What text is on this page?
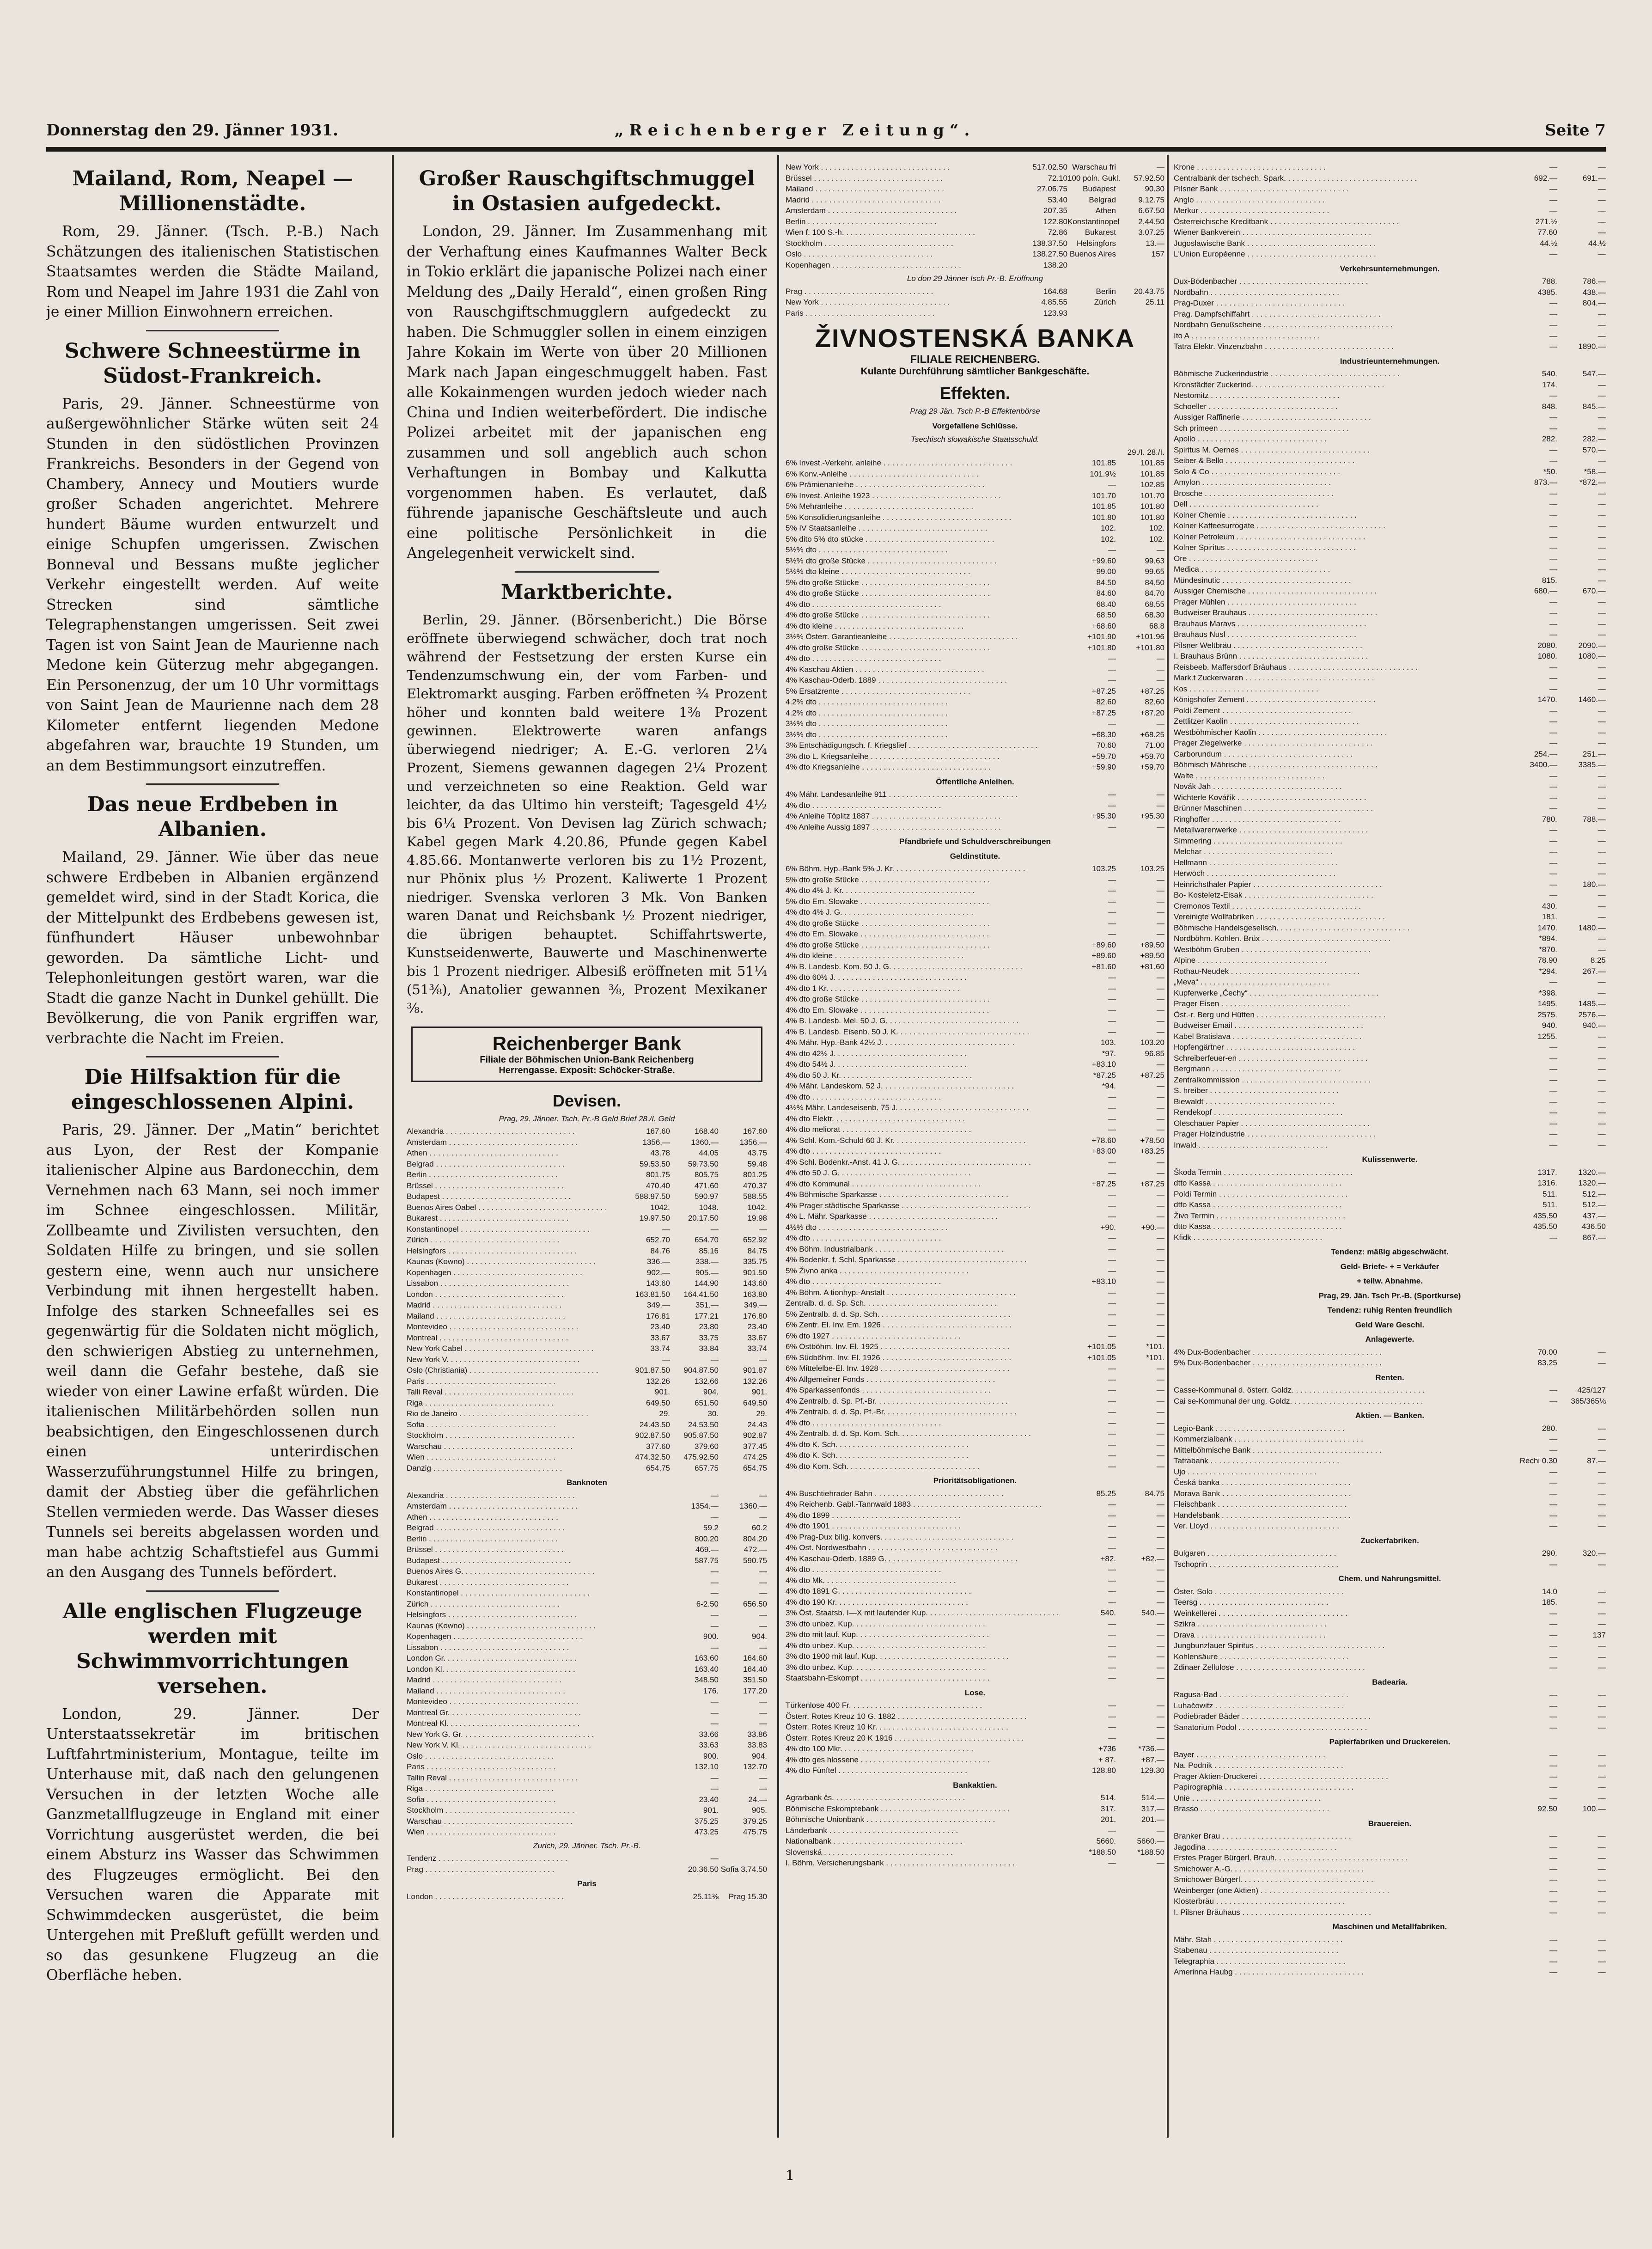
Donnerstag den 29. Jänner 1931.	„Reichenberger Zeitung“.	Seite 7
Mailand, Rom, Neapel — Millionenstädte.

Rom, 29. Jänner. (Tsch. P.-B.) Nach Schätzungen des italienischen Statistischen Staatsamtes werden die Städte Mailand, Rom und Neapel im Jahre 1931 die Zahl von je einer Million Einwohnern erreichen.

Schwere Schneestürme in Südost-Frankreich.

Paris, 29. Jänner. Schneestürme von außergewöhnlicher Stärke wüten seit 24 Stunden in den südöstlichen Provinzen Frankreichs. Besonders in der Gegend von Chambery, Annecy und Moutiers wurde großer Schaden angerichtet. Mehrere hundert Bäume wurden entwurzelt und einige Schupfen umgerissen. Zwischen Bonneval und Bessans mußte jeglicher Verkehr eingestellt werden. Auf weite Strecken sind sämtliche Telegraphenstangen umgerissen. Seit zwei Tagen ist von Saint Jean de Maurienne nach Medone kein Güterzug mehr abgegangen. Ein Personenzug, der um 10 Uhr vormittags von Saint Jean de Maurienne nach dem 28 Kilometer entfernt liegenden Medone abgefahren war, brauchte 19 Stunden, um an dem Bestimmungsort einzutreffen.

Das neue Erdbeben in Albanien.

Mailand, 29. Jänner. Wie über das neue schwere Erdbeben in Albanien ergänzend gemeldet wird, sind in der Stadt Korica, die der Mittelpunkt des Erdbebens gewesen ist, fünfhundert Häuser unbewohnbar geworden. Da sämtliche Licht- und Telephonleitungen gestört waren, war die Stadt die ganze Nacht in Dunkel gehüllt. Die Bevölkerung, die von Panik ergriffen war, verbrachte die Nacht im Freien.

Die Hilfsaktion für die eingeschlossenen Alpini.

Paris, 29. Jänner. Der „Matin“ berichtet aus Lyon, der Rest der Kompanie italienischer Alpine aus Bardonecchin, dem Vernehmen nach 63 Mann, sei noch immer im Schnee eingeschlossen. Militär, Zollbeamte und Zivilisten versuchten, den Soldaten Hilfe zu bringen, und sie sollen gestern eine, wenn auch nur unsichere Verbindung mit ihnen hergestellt haben. Infolge des starken Schneefalles sei es gegenwärtig für die Soldaten nicht möglich, den schwierigen Abstieg zu unternehmen, weil dann die Gefahr bestehe, daß sie wieder von einer Lawine erfaßt würden. Die italienischen Militärbehörden sollen nun beabsichtigen, den Eingeschlossenen durch einen unterirdischen Wasserzuführungstunnel Hilfe zu bringen, damit der Abstieg über die gefährlichen Stellen vermieden werde. Das Wasser dieses Tunnels sei bereits abgelassen worden und man habe achtzig Schaftstiefel aus Gummi an den Ausgang des Tunnels befördert.

Alle englischen Flugzeuge werden mit Schwimmvorrichtungen versehen.

London, 29. Jänner. Der Unterstaatssekretär im britischen Luftfahrtministerium, Montague, teilte im Unterhause mit, daß nach den gelungenen Versuchen in der letzten Woche alle Ganzmetallflugzeuge in England mit einer Vorrichtung ausgerüstet werden, die bei einem Absturz ins Wasser das Schwimmen des Flugzeuges ermöglicht. Bei den Versuchen waren die Apparate mit Schwimmdecken ausgerüstet, die beim Untergehen mit Preßluft gefüllt werden und so das gesunkene Flugzeug an die Oberfläche heben.

Großer Rauschgiftschmuggel in Ostasien aufgedeckt.

London, 29. Jänner. Im Zusammenhang mit der Verhaftung eines Kaufmannes Walter Beck in Tokio erklärt die japanische Polizei nach einer Meldung des „Daily Herald“, einen großen Ring von Rauschgiftschmugglern aufgedeckt zu haben. Die Schmuggler sollen in einem einzigen Jahre Kokain im Werte von über 20 Millionen Mark nach Japan eingeschmuggelt haben. Fast alle Kokainmengen wurden jedoch wieder nach China und Indien weiterbefördert. Die indische Polizei arbeitet mit der japanischen eng zusammen und soll angeblich auch schon Verhaftungen in Bombay und Kalkutta vorgenommen haben. Es verlautet, daß führende japanische Geschäftsleute und auch eine politische Persönlichkeit in die Angelegenheit verwickelt sind.

Marktberichte.

Berlin, 29. Jänner. (Börsenbericht.) Die Börse eröffnete überwiegend schwächer, doch trat noch während der Festsetzung der ersten Kurse ein Tendenzumschwung ein, der vom Farben- und Elektromarkt ausging. Farben eröffneten ¾ Prozent höher und konnten bald weitere 1⅜ Prozent gewinnen. Elektrowerte waren anfangs überwiegend niedriger; A. E.-G. verloren 2¼ Prozent, Siemens gewannen dagegen 2¼ Prozent und verzeichneten so eine Reaktion. Geld war leichter, da das Ultimo hin versteift; Tagesgeld 4½ bis 6¼ Prozent. Von Devisen lag Zürich schwach; Kabel gegen Mark 4.20.86, Pfunde gegen Kabel 4.85.66. Montanwerte verloren bis zu 1½ Prozent, nur Phönix plus ½ Prozent. Kaliwerte 1 Prozent niedriger. Svenska verloren 3 Mk. Von Banken waren Danat und Reichsbank ½ Prozent niedriger, die übrigen behauptet. Schiffahrtswerte, Kunstseidenwerte, Bauwerte und Maschinenwerte bis 1 Prozent niedriger. Albesiß eröffneten mit 51¼ (51⅜), Anatolier gewannen ⅜, Prozent Mexikaner ⅜.

Reichenberger Bank
Filiale der Böhmischen Union-Bank Reichenberg
Herrengasse. Exposit: Schöcker-Straße.
Devisen.
Prag, 29. Jänner. Tsch. Pr.-B Geld Brief 28./I. Geld
Alexandria . . . . . . . . . . . . . . . . . . . . . . . . . . . . . .	167.60	168.40	167.60
Amsterdam . . . . . . . . . . . . . . . . . . . . . . . . . . . . . .	1356.—	1360.—	1356.—
Athen . . . . . . . . . . . . . . . . . . . . . . . . . . . . . .	43.78	44.05	43.75
Belgrad . . . . . . . . . . . . . . . . . . . . . . . . . . . . . .	59.53.50	59.73.50	59.48
Berlin . . . . . . . . . . . . . . . . . . . . . . . . . . . . . .	801.75	805.75	801.25
Brüssel . . . . . . . . . . . . . . . . . . . . . . . . . . . . . .	470.40	471.60	470.37
Budapest . . . . . . . . . . . . . . . . . . . . . . . . . . . . . .	588.97.50	590.97	588.55
Buenos Aires Oabel . . . . . . . . . . . . . . . . . . . . . . . . . . . . . .	1042.	1048.	1042.
Bukarest . . . . . . . . . . . . . . . . . . . . . . . . . . . . . .	19.97.50	20.17.50	19.98
Konstantinopel . . . . . . . . . . . . . . . . . . . . . . . . . . . . . .	—	—	—
Zürich . . . . . . . . . . . . . . . . . . . . . . . . . . . . . .	652.70	654.70	652.92
Helsingfors . . . . . . . . . . . . . . . . . . . . . . . . . . . . . .	84.76	85.16	84.75
Kaunas (Kowno) . . . . . . . . . . . . . . . . . . . . . . . . . . . . . .	336.—	338.—	335.75
Kopenhagen . . . . . . . . . . . . . . . . . . . . . . . . . . . . . .	902.—	905.—	901.50
Lissabon . . . . . . . . . . . . . . . . . . . . . . . . . . . . . .	143.60	144.90	143.60
London . . . . . . . . . . . . . . . . . . . . . . . . . . . . . .	163.81.50	164.41.50	163.80
Madrid . . . . . . . . . . . . . . . . . . . . . . . . . . . . . .	349.—	351.—	349.—
Mailand . . . . . . . . . . . . . . . . . . . . . . . . . . . . . .	176.81	177.21	176.80
Montevideo . . . . . . . . . . . . . . . . . . . . . . . . . . . . . .	23.40	23.80	23.40
Montreal . . . . . . . . . . . . . . . . . . . . . . . . . . . . . .	33.67	33.75	33.67
New York Cabel . . . . . . . . . . . . . . . . . . . . . . . . . . . . . .	33.74	33.84	33.74
New York V. . . . . . . . . . . . . . . . . . . . . . . . . . . . . . .	—	—	—
Oslo (Christiania) . . . . . . . . . . . . . . . . . . . . . . . . . . . . . .	901.87.50	904.87.50	901.87
Paris . . . . . . . . . . . . . . . . . . . . . . . . . . . . . .	132.26	132.66	132.26
Talli Reval . . . . . . . . . . . . . . . . . . . . . . . . . . . . . .	901.	904.	901.
Riga . . . . . . . . . . . . . . . . . . . . . . . . . . . . . .	649.50	651.50	649.50
Rio de Janeiro . . . . . . . . . . . . . . . . . . . . . . . . . . . . . .	29.	30.	29.
Sofia . . . . . . . . . . . . . . . . . . . . . . . . . . . . . .	24.43.50	24.53.50	24.43
Stockholm . . . . . . . . . . . . . . . . . . . . . . . . . . . . . .	902.87.50	905.87.50	902.87
Warschau . . . . . . . . . . . . . . . . . . . . . . . . . . . . . .	377.60	379.60	377.45
Wien . . . . . . . . . . . . . . . . . . . . . . . . . . . . . .	474.32.50	475.92.50	474.25
Danzig . . . . . . . . . . . . . . . . . . . . . . . . . . . . . .	654.75	657.75	654.75
Banknoten
Alexandria . . . . . . . . . . . . . . . . . . . . . . . . . . . . . .	—	—
Amsterdam . . . . . . . . . . . . . . . . . . . . . . . . . . . . . .	1354.—	1360.—
Athen . . . . . . . . . . . . . . . . . . . . . . . . . . . . . .	—	—
Belgrad . . . . . . . . . . . . . . . . . . . . . . . . . . . . . .	59.2	60.2
Berlin . . . . . . . . . . . . . . . . . . . . . . . . . . . . . .	800.20	804.20
Brüssel . . . . . . . . . . . . . . . . . . . . . . . . . . . . . .	469.—	472.—
Budapest . . . . . . . . . . . . . . . . . . . . . . . . . . . . . .	587.75	590.75
Buenos Aires G. . . . . . . . . . . . . . . . . . . . . . . . . . . . . . .	—	—
Bukarest . . . . . . . . . . . . . . . . . . . . . . . . . . . . . .	—	—
Konstantinopel . . . . . . . . . . . . . . . . . . . . . . . . . . . . . .	—	—
Zürich . . . . . . . . . . . . . . . . . . . . . . . . . . . . . .	6-2.50	656.50
Helsingfors . . . . . . . . . . . . . . . . . . . . . . . . . . . . . .	—	—
Kaunas (Kowno) . . . . . . . . . . . . . . . . . . . . . . . . . . . . . .	—	—
Kopenhagen . . . . . . . . . . . . . . . . . . . . . . . . . . . . . .	900.	904.
Lissabon . . . . . . . . . . . . . . . . . . . . . . . . . . . . . .	—	—
London Gr. . . . . . . . . . . . . . . . . . . . . . . . . . . . . . .	163.60	164.60
London Kl. . . . . . . . . . . . . . . . . . . . . . . . . . . . . . .	163.40	164.40
Madrid . . . . . . . . . . . . . . . . . . . . . . . . . . . . . .	348.50	351.50
Mailand . . . . . . . . . . . . . . . . . . . . . . . . . . . . . .	176.	177.20
Montevideo . . . . . . . . . . . . . . . . . . . . . . . . . . . . . .	—	—
Montreal Gr. . . . . . . . . . . . . . . . . . . . . . . . . . . . . . .	—	—
Montreal Kl. . . . . . . . . . . . . . . . . . . . . . . . . . . . . . .	—	—
New York G. Gr. . . . . . . . . . . . . . . . . . . . . . . . . . . . . . .	33.66	33.86
New York V. Kl. . . . . . . . . . . . . . . . . . . . . . . . . . . . . . .	33.63	33.83
Oslo . . . . . . . . . . . . . . . . . . . . . . . . . . . . . .	900.	904.
Paris . . . . . . . . . . . . . . . . . . . . . . . . . . . . . .	132.10	132.70
Tallin Reval . . . . . . . . . . . . . . . . . . . . . . . . . . . . . .	—	—
Riga . . . . . . . . . . . . . . . . . . . . . . . . . . . . . .	—	—
Sofia . . . . . . . . . . . . . . . . . . . . . . . . . . . . . .	23.40	24.—
Stockholm . . . . . . . . . . . . . . . . . . . . . . . . . . . . . .	901.	905.
Warschau . . . . . . . . . . . . . . . . . . . . . . . . . . . . . .	375.25	379.25
Wien . . . . . . . . . . . . . . . . . . . . . . . . . . . . . .	473.25	475.75
Zurich, 29. Jänner. Tsch. Pr.-B.
Tendenz . . . . . . . . . . . . . . . . . . . . . . . . . . . . . .	—
Prag . . . . . . . . . . . . . . . . . . . . . . . . . . . . . .	20.36.50 Sofia 3.74.50
Paris
London . . . . . . . . . . . . . . . . . . . . . . . . . . . . . .	25.11⅜	Prag 15.30
New York . . . . . . . . . . . . . . . . . . . . . . . . . . . . . .	517.02.50 Warschau fri	—
Brüssel . . . . . . . . . . . . . . . . . . . . . . . . . . . . . .	72.10 100 poln. Gukl.	57.92.50
Mailand . . . . . . . . . . . . . . . . . . . . . . . . . . . . . .	27.06.75	Budapest	90.30
Madrid . . . . . . . . . . . . . . . . . . . . . . . . . . . . . .	53.40	Belgrad	9.12.75
Amsterdam . . . . . . . . . . . . . . . . . . . . . . . . . . . . . .	207.35	Athen	6.67.50
Berlin . . . . . . . . . . . . . . . . . . . . . . . . . . . . . .	122.80 Konstantinopel	2.44.50
Wien f. 100 S.-h. . . . . . . . . . . . . . . . . . . . . . . . . . . . . . .	72.86	Bukarest	3.07.25
Stockholm . . . . . . . . . . . . . . . . . . . . . . . . . . . . . .	138.37.50	Helsingfors	13.—
Oslo . . . . . . . . . . . . . . . . . . . . . . . . . . . . . .	138.27.50 Buenos Aires	157
Kopenhagen . . . . . . . . . . . . . . . . . . . . . . . . . . . . . .	138.20
Lo don 29 Jänner Isch Pr.-B. Eröffnung
Prag . . . . . . . . . . . . . . . . . . . . . . . . . . . . . .	164.68	Berlin	20.43.75
New York . . . . . . . . . . . . . . . . . . . . . . . . . . . . . .	4.85.55	Zürich	25.11
Paris . . . . . . . . . . . . . . . . . . . . . . . . . . . . . .	123.93
ŽIVNOSTENSKÁ BANKA
FILIALE REICHENBERG.
Kulante Durchführung sämtlicher Bankgeschäfte.
Effekten.
Prag 29 Jän. Tsch P.-B Effektenbörse
Vorgefallene Schlüsse.
Tsechisch slowakische Staatsschuld.
29./I. 28./I.
6% Invest.-Verkehr. anleihe . . . . . . . . . . . . . . . . . . . . . . . . . . . . . .	101.85	101.85
6% Konv.-Anleihe . . . . . . . . . . . . . . . . . . . . . . . . . . . . . .	101.9½	101.85
6% Prämienanleihe . . . . . . . . . . . . . . . . . . . . . . . . . . . . . .	—	102.85
6% Invest. Anleihe 1923 . . . . . . . . . . . . . . . . . . . . . . . . . . . . . .	101.70	101.70
5% Mehranleihe . . . . . . . . . . . . . . . . . . . . . . . . . . . . . .	101.85	101.80
5% Konsolidierungsanleihe . . . . . . . . . . . . . . . . . . . . . . . . . . . . . .	101.80	101.80
5% IV Staatsanleihe . . . . . . . . . . . . . . . . . . . . . . . . . . . . . .	102.	102.
5% dito 5% dto stücke . . . . . . . . . . . . . . . . . . . . . . . . . . . . . .	102.	102.
5½% dto . . . . . . . . . . . . . . . . . . . . . . . . . . . . . .	—	—
5½% dto große Stücke . . . . . . . . . . . . . . . . . . . . . . . . . . . . . .	+99.60	99.63
5½% dto kleine . . . . . . . . . . . . . . . . . . . . . . . . . . . . . .	99.00	99.65
5% dto große Stücke . . . . . . . . . . . . . . . . . . . . . . . . . . . . . .	84.50	84.50
4% dto große Stücke . . . . . . . . . . . . . . . . . . . . . . . . . . . . . .	84.60	84.70
4% dto . . . . . . . . . . . . . . . . . . . . . . . . . . . . . .	68.40	68.55
4% dto große Stücke . . . . . . . . . . . . . . . . . . . . . . . . . . . . . .	68.50	68.30
4% dto kleine . . . . . . . . . . . . . . . . . . . . . . . . . . . . . .	+68.60	68.8
3½% Österr. Garantieanleihe . . . . . . . . . . . . . . . . . . . . . . . . . . . . . .	+101.90	+101.96
4% dto große Stücke . . . . . . . . . . . . . . . . . . . . . . . . . . . . . .	+101.80	+101.80
4% dto . . . . . . . . . . . . . . . . . . . . . . . . . . . . . .	—	—
4% Kaschau Aktien . . . . . . . . . . . . . . . . . . . . . . . . . . . . . .	—	—
4% Kaschau-Oderb. 1889 . . . . . . . . . . . . . . . . . . . . . . . . . . . . . .	—	—
5% Ersatzrente . . . . . . . . . . . . . . . . . . . . . . . . . . . . . .	+87.25	+87.25
4.2% dto . . . . . . . . . . . . . . . . . . . . . . . . . . . . . .	82.60	82.60
4.2% dto . . . . . . . . . . . . . . . . . . . . . . . . . . . . . .	+87.25	+87.20
3½% dto . . . . . . . . . . . . . . . . . . . . . . . . . . . . . .	—	—
3½% dto . . . . . . . . . . . . . . . . . . . . . . . . . . . . . .	+68.30	+68.25
3% Entschädigungsch. f. Kriegslief . . . . . . . . . . . . . . . . . . . . . . . . . . . . . .	70.60	71.00
3% dto L. Kriegsanleihe . . . . . . . . . . . . . . . . . . . . . . . . . . . . . .	+59.70	+59.70
4% dto Kriegsanleihe . . . . . . . . . . . . . . . . . . . . . . . . . . . . . .	+59.90	+59.70
Öffentliche Anleihen.
4% Mähr. Landesanleihe 911 . . . . . . . . . . . . . . . . . . . . . . . . . . . . . .	—	—
4% dto . . . . . . . . . . . . . . . . . . . . . . . . . . . . . .	—	—
4% Anleihe Töplitz 1887 . . . . . . . . . . . . . . . . . . . . . . . . . . . . . .	+95.30	+95.30
4% Anleihe Aussig 1897 . . . . . . . . . . . . . . . . . . . . . . . . . . . . . .	—	—
Pfandbriefe und Schuldverschreibungen
Geldinstitute.
6% Böhm. Hyp.-Bank 5% J. Kr. . . . . . . . . . . . . . . . . . . . . . . . . . . . . . .	103.25	103.25
5% dto große Stücke . . . . . . . . . . . . . . . . . . . . . . . . . . . . . .	—	—
4% dto 4% J. Kr. . . . . . . . . . . . . . . . . . . . . . . . . . . . . . .	—	—
5% dto Em. Slowake . . . . . . . . . . . . . . . . . . . . . . . . . . . . . .	—	—
4% dto 4% J. G. . . . . . . . . . . . . . . . . . . . . . . . . . . . . . .	—	—
4% dto große Stücke . . . . . . . . . . . . . . . . . . . . . . . . . . . . . .	—	—
4% dto Em. Slowake . . . . . . . . . . . . . . . . . . . . . . . . . . . . . .	—	—
4% dto große Stücke . . . . . . . . . . . . . . . . . . . . . . . . . . . . . .	+89.60	+89.50
4% dto kleine . . . . . . . . . . . . . . . . . . . . . . . . . . . . . .	+89.60	+89.50
4% B. Landesb. Kom. 50 J. G. . . . . . . . . . . . . . . . . . . . . . . . . . . . . . .	+81.60	+81.60
4% dto 60½ J. . . . . . . . . . . . . . . . . . . . . . . . . . . . . . .	—	—
4% dto 1 Kr. . . . . . . . . . . . . . . . . . . . . . . . . . . . . . .	—	—
4% dto große Stücke . . . . . . . . . . . . . . . . . . . . . . . . . . . . . .	—	—
4% dto Em. Slowake . . . . . . . . . . . . . . . . . . . . . . . . . . . . . .	—	—
4% B. Landesb. Mel. 50 J. G. . . . . . . . . . . . . . . . . . . . . . . . . . . . . . .	—	—
4% B. Landesb. Eisenb. 50 J. K. . . . . . . . . . . . . . . . . . . . . . . . . . . . . . .	—	—
4% Mähr. Hyp.-Bank 42½ J. . . . . . . . . . . . . . . . . . . . . . . . . . . . . . .	103.	103.20
4% dto 42½ J. . . . . . . . . . . . . . . . . . . . . . . . . . . . . . .	*97.	96.85
4% dto 54½ J. . . . . . . . . . . . . . . . . . . . . . . . . . . . . . .	+83.10	—
4% dto 50 J. Kr. . . . . . . . . . . . . . . . . . . . . . . . . . . . . . .	*87.25	+87.25
4% Mähr. Landeskom. 52 J. . . . . . . . . . . . . . . . . . . . . . . . . . . . . . .	*94.	—
4% dto . . . . . . . . . . . . . . . . . . . . . . . . . . . . . .	—	—
4½% Mähr. Landeseisenb. 75 J. . . . . . . . . . . . . . . . . . . . . . . . . . . . . . .	—	—
4% dto Elektr. . . . . . . . . . . . . . . . . . . . . . . . . . . . . . .	—	—
4% dto meliorat . . . . . . . . . . . . . . . . . . . . . . . . . . . . . .	—	—
4% Schl. Kom.-Schuld 60 J. Kr. . . . . . . . . . . . . . . . . . . . . . . . . . . . . . .	+78.60	+78.50
4% dto . . . . . . . . . . . . . . . . . . . . . . . . . . . . . .	+83.00	+83.25
4% Schl. Bodenkr.-Anst. 41 J. G. . . . . . . . . . . . . . . . . . . . . . . . . . . . . . .	—	—
4% dto 50 J. G. . . . . . . . . . . . . . . . . . . . . . . . . . . . . . .	—	—
4% dto Kommunal . . . . . . . . . . . . . . . . . . . . . . . . . . . . . .	+87.25	+87.25
4% Böhmische Sparkasse . . . . . . . . . . . . . . . . . . . . . . . . . . . . . .	—	—
4% Prager städtische Sparkasse . . . . . . . . . . . . . . . . . . . . . . . . . . . . . .	—	—
4% L. Mähr. Sparkasse . . . . . . . . . . . . . . . . . . . . . . . . . . . . . .	—	—
4½% dto . . . . . . . . . . . . . . . . . . . . . . . . . . . . . .	+90.	+90.—
4% dto . . . . . . . . . . . . . . . . . . . . . . . . . . . . . .	—	—
4% Böhm. Industrialbank . . . . . . . . . . . . . . . . . . . . . . . . . . . . . .	—	—
4% Bodenkr. f. Schl. Sparkasse . . . . . . . . . . . . . . . . . . . . . . . . . . . . . .	—	—
5% Živno anka . . . . . . . . . . . . . . . . . . . . . . . . . . . . . .	—	—
4% dto . . . . . . . . . . . . . . . . . . . . . . . . . . . . . .	+83.10	—
4% Böhm. A tionhyp.-Anstalt . . . . . . . . . . . . . . . . . . . . . . . . . . . . . .	—	—
Zentralb. d. d. Sp. Sch. . . . . . . . . . . . . . . . . . . . . . . . . . . . . . .	—	—
5% Zentralb. d. d. Sp. Sch. . . . . . . . . . . . . . . . . . . . . . . . . . . . . . .	—	—
6% Zentr. El. Inv. Em. 1926 . . . . . . . . . . . . . . . . . . . . . . . . . . . . . .	—	—
6% dto 1927 . . . . . . . . . . . . . . . . . . . . . . . . . . . . . .	—	—
6% Ostböhm. Inv. El. 1925 . . . . . . . . . . . . . . . . . . . . . . . . . . . . . .	+101.05	*101.
6% Südböhm. Inv. El. 1926 . . . . . . . . . . . . . . . . . . . . . . . . . . . . . .	+101.05	*101.
6% Mittelelbe-El. Inv. 1928 . . . . . . . . . . . . . . . . . . . . . . . . . . . . . .	—	—
4% Allgemeiner Fonds . . . . . . . . . . . . . . . . . . . . . . . . . . . . . .	—	—
4% Sparkassenfonds . . . . . . . . . . . . . . . . . . . . . . . . . . . . . .	—	—
4% Zentralb. d. Sp. Pf.-Br. . . . . . . . . . . . . . . . . . . . . . . . . . . . . . .	—	—
4% Zentralb. d. d. Sp. Pf.-Br. . . . . . . . . . . . . . . . . . . . . . . . . . . . . . .	—	—
4% dto . . . . . . . . . . . . . . . . . . . . . . . . . . . . . .	—	—
4% Zentralb. d. d. Sp. Kom. Sch. . . . . . . . . . . . . . . . . . . . . . . . . . . . . . .	—	—
4% dto K. Sch. . . . . . . . . . . . . . . . . . . . . . . . . . . . . . .	—	—
4% dto K. Sch. . . . . . . . . . . . . . . . . . . . . . . . . . . . . . .	—	—
4% dto Kom. Sch. . . . . . . . . . . . . . . . . . . . . . . . . . . . . . .	—	—
Prioritätsobligationen.
4% Buschtiehrader Bahn . . . . . . . . . . . . . . . . . . . . . . . . . . . . . .	85.25	84.75
4% Reichenb. Gabl.-Tannwald 1883 . . . . . . . . . . . . . . . . . . . . . . . . . . . . . .	—	—
4% dto 1899 . . . . . . . . . . . . . . . . . . . . . . . . . . . . . .	—	—
4% dto 1901 . . . . . . . . . . . . . . . . . . . . . . . . . . . . . .	—	—
4% Prag-Dux bilig. konvers. . . . . . . . . . . . . . . . . . . . . . . . . . . . . . .	—	—
4% Ost. Nordwestbahn . . . . . . . . . . . . . . . . . . . . . . . . . . . . . .	—	—
4% Kaschau-Oderb. 1889 G. . . . . . . . . . . . . . . . . . . . . . . . . . . . . . .	+82.	+82.—
4% dto . . . . . . . . . . . . . . . . . . . . . . . . . . . . . .	—	—
4% dto Mk. . . . . . . . . . . . . . . . . . . . . . . . . . . . . . .	—	—
4% dto 1891 G. . . . . . . . . . . . . . . . . . . . . . . . . . . . . . .	—	—
4% dto 190 Kr. . . . . . . . . . . . . . . . . . . . . . . . . . . . . . .	—	—
3% Öst. Staatsb. I—X mit laufender Kup. . . . . . . . . . . . . . . . . . . . . . . . . . . . . . .	540.	540.—
3% dto unbez. Kup. . . . . . . . . . . . . . . . . . . . . . . . . . . . . . .	—	—
3% dto mit lauf. Kup. . . . . . . . . . . . . . . . . . . . . . . . . . . . . . .	—	—
4% dto unbez. Kup. . . . . . . . . . . . . . . . . . . . . . . . . . . . . . .	—	—
3% dto 1900 mit lauf. Kup. . . . . . . . . . . . . . . . . . . . . . . . . . . . . . .	—	—
3% dto unbez. Kup. . . . . . . . . . . . . . . . . . . . . . . . . . . . . . .	—	—
Staatsbahn-Eskompt . . . . . . . . . . . . . . . . . . . . . . . . . . . . . .	—	—
Lose.
Türkenlose 400 Fr. . . . . . . . . . . . . . . . . . . . . . . . . . . . . . .	—	—
Österr. Rotes Kreuz 10 G. 1882 . . . . . . . . . . . . . . . . . . . . . . . . . . . . . .	—	—
Österr. Rotes Kreuz 10 Kr. . . . . . . . . . . . . . . . . . . . . . . . . . . . . . .	—	—
Österr. Rotes Kreuz 20 K 1916 . . . . . . . . . . . . . . . . . . . . . . . . . . . . . .	—	—
4% dto 100 Mkr. . . . . . . . . . . . . . . . . . . . . . . . . . . . . . .	+736	*736.—
4% dto ges hlossene . . . . . . . . . . . . . . . . . . . . . . . . . . . . . .	+ 87.	+87.—
4% dto Fünftel . . . . . . . . . . . . . . . . . . . . . . . . . . . . . .	128.80	129.30
Bankaktien.
Agrarbank čs. . . . . . . . . . . . . . . . . . . . . . . . . . . . . . .	514.	514.—
Böhmische Eskomptebank . . . . . . . . . . . . . . . . . . . . . . . . . . . . . .	317.	317.—
Böhmische Unionbank . . . . . . . . . . . . . . . . . . . . . . . . . . . . . .	201.	201.—
Länderbank . . . . . . . . . . . . . . . . . . . . . . . . . . . . . .	—	—
Nationalbank . . . . . . . . . . . . . . . . . . . . . . . . . . . . . .	5660.	5660.—
Slovenská . . . . . . . . . . . . . . . . . . . . . . . . . . . . . .	*188.50	*188.50
I. Böhm. Versicherungsbank . . . . . . . . . . . . . . . . . . . . . . . . . . . . . .	—	—
Krone . . . . . . . . . . . . . . . . . . . . . . . . . . . . . .	—	—
Centralbank der tschech. Spark. . . . . . . . . . . . . . . . . . . . . . . . . . . . . . .	692.—	691.—
Pilsner Bank . . . . . . . . . . . . . . . . . . . . . . . . . . . . . .	—	—
Anglo . . . . . . . . . . . . . . . . . . . . . . . . . . . . . .	—	—
Merkur . . . . . . . . . . . . . . . . . . . . . . . . . . . . . .	—	—
Österreichische Kreditbank . . . . . . . . . . . . . . . . . . . . . . . . . . . . . .	271.½	—
Wiener Bankverein . . . . . . . . . . . . . . . . . . . . . . . . . . . . . .	77.60	—
Jugoslawische Bank . . . . . . . . . . . . . . . . . . . . . . . . . . . . . .	44.½	44.½
L'Union Européenne . . . . . . . . . . . . . . . . . . . . . . . . . . . . . .	—	—
Verkehrsunternehmungen.
Dux-Bodenbacher . . . . . . . . . . . . . . . . . . . . . . . . . . . . . .	788.	786.—
Nordbahn . . . . . . . . . . . . . . . . . . . . . . . . . . . . . .	4385.	438.—
Prag-Duxer . . . . . . . . . . . . . . . . . . . . . . . . . . . . . .	—	804.—
Prag. Dampfschiffahrt . . . . . . . . . . . . . . . . . . . . . . . . . . . . . .	—	—
Nordbahn Genußscheine . . . . . . . . . . . . . . . . . . . . . . . . . . . . . .	—	—
Ito A . . . . . . . . . . . . . . . . . . . . . . . . . . . . . .	—	—
Tatra Elektr. Vinzenzbahn . . . . . . . . . . . . . . . . . . . . . . . . . . . . . .	—	1890.—
Industrieunternehmungen.
Böhmische Zuckerindustrie . . . . . . . . . . . . . . . . . . . . . . . . . . . . . .	540.	547.—
Kronstädter Zuckerind. . . . . . . . . . . . . . . . . . . . . . . . . . . . . . .	174.	—
Nestomitz . . . . . . . . . . . . . . . . . . . . . . . . . . . . . .	—	—
Schoeller . . . . . . . . . . . . . . . . . . . . . . . . . . . . . .	848.	845.—
Aussiger Raffinerie . . . . . . . . . . . . . . . . . . . . . . . . . . . . . .	—	—
Sch primeen . . . . . . . . . . . . . . . . . . . . . . . . . . . . . .	—	—
Apollo . . . . . . . . . . . . . . . . . . . . . . . . . . . . . .	282.	282.—
Spiritus M. Oernes . . . . . . . . . . . . . . . . . . . . . . . . . . . . . .	—	570.—
Seiber & Bello . . . . . . . . . . . . . . . . . . . . . . . . . . . . . .	—	—
Solo & Co . . . . . . . . . . . . . . . . . . . . . . . . . . . . . .	*50.	*58.—
Amylon . . . . . . . . . . . . . . . . . . . . . . . . . . . . . .	873.—	*872.—
Brosche . . . . . . . . . . . . . . . . . . . . . . . . . . . . . .	—	—
Dell . . . . . . . . . . . . . . . . . . . . . . . . . . . . . .	—	—
Kolner Chemie . . . . . . . . . . . . . . . . . . . . . . . . . . . . . .	—	—
Kolner Kaffeesurrogate . . . . . . . . . . . . . . . . . . . . . . . . . . . . . .	—	—
Kolner Petroleum . . . . . . . . . . . . . . . . . . . . . . . . . . . . . .	—	—
Kolner Spiritus . . . . . . . . . . . . . . . . . . . . . . . . . . . . . .	—	—
Ore . . . . . . . . . . . . . . . . . . . . . . . . . . . . . .	—	—
Medica . . . . . . . . . . . . . . . . . . . . . . . . . . . . . .	—	—
Mündesinutic . . . . . . . . . . . . . . . . . . . . . . . . . . . . . .	815.	—
Aussiger Chemische . . . . . . . . . . . . . . . . . . . . . . . . . . . . . .	680.—	670.—
Prager Mühlen . . . . . . . . . . . . . . . . . . . . . . . . . . . . . .	—	—
Budweiser Brauhaus . . . . . . . . . . . . . . . . . . . . . . . . . . . . . .	—	—
Brauhaus Maravs . . . . . . . . . . . . . . . . . . . . . . . . . . . . . .	—	—
Brauhaus Nusl . . . . . . . . . . . . . . . . . . . . . . . . . . . . . .	—	—
Pilsner Weltbräu . . . . . . . . . . . . . . . . . . . . . . . . . . . . . .	2080.	2090.—
I. Brauhaus Brünn . . . . . . . . . . . . . . . . . . . . . . . . . . . . . .	1080.	1080.—
Reisbeeb. Maffersdorf Bräuhaus . . . . . . . . . . . . . . . . . . . . . . . . . . . . . .	—	—
Mark.t Zuckerwaren . . . . . . . . . . . . . . . . . . . . . . . . . . . . . .	—	—
Kos . . . . . . . . . . . . . . . . . . . . . . . . . . . . . .	—	—
Königshofer Zement . . . . . . . . . . . . . . . . . . . . . . . . . . . . . .	1470.	1460.—
Poldi Zement . . . . . . . . . . . . . . . . . . . . . . . . . . . . . .	—	—
Zettlitzer Kaolin . . . . . . . . . . . . . . . . . . . . . . . . . . . . . .	—	—
Westböhmischer Kaolin . . . . . . . . . . . . . . . . . . . . . . . . . . . . . .	—	—
Prager Ziegelwerke . . . . . . . . . . . . . . . . . . . . . . . . . . . . . .	—	—
Carborundum . . . . . . . . . . . . . . . . . . . . . . . . . . . . . .	254.—	251.—
Böhmisch Mährische . . . . . . . . . . . . . . . . . . . . . . . . . . . . . .	3400.—	3385.—
Walte . . . . . . . . . . . . . . . . . . . . . . . . . . . . . .	—	—
Novák Jah . . . . . . . . . . . . . . . . . . . . . . . . . . . . . .	—	—
Wichterle Kovářík . . . . . . . . . . . . . . . . . . . . . . . . . . . . . .	—	—
Brünner Maschinen . . . . . . . . . . . . . . . . . . . . . . . . . . . . . .	—	—
Ringhoffer . . . . . . . . . . . . . . . . . . . . . . . . . . . . . .	780.	788.—
Metallwarenwerke . . . . . . . . . . . . . . . . . . . . . . . . . . . . . .	—	—
Simmering . . . . . . . . . . . . . . . . . . . . . . . . . . . . . .	—	—
Melchar . . . . . . . . . . . . . . . . . . . . . . . . . . . . . .	—	—
Hellmann . . . . . . . . . . . . . . . . . . . . . . . . . . . . . .	—	—
Herwoch . . . . . . . . . . . . . . . . . . . . . . . . . . . . . .	—	—
Heinrichsthaler Papier . . . . . . . . . . . . . . . . . . . . . . . . . . . . . .	—	180.—
Bo- Kosteletz-Eisak . . . . . . . . . . . . . . . . . . . . . . . . . . . . . .	—	—
Cremonos Textil . . . . . . . . . . . . . . . . . . . . . . . . . . . . . .	430.	—
Vereinigte Wollfabriken . . . . . . . . . . . . . . . . . . . . . . . . . . . . . .	181.	—
Böhmische Handelsgesellsch. . . . . . . . . . . . . . . . . . . . . . . . . . . . . . .	1470.	1480.—
Nordböhm. Kohlen. Brüx . . . . . . . . . . . . . . . . . . . . . . . . . . . . . .	*894.	—
Westböhm Gruben . . . . . . . . . . . . . . . . . . . . . . . . . . . . . .	*870.	—
Alpine . . . . . . . . . . . . . . . . . . . . . . . . . . . . . .	78.90	8.25
Rothau-Neudek . . . . . . . . . . . . . . . . . . . . . . . . . . . . . .	*294.	267.—
„Meva“ . . . . . . . . . . . . . . . . . . . . . . . . . . . . . .	—	—
Kupferwerke „Čechy“ . . . . . . . . . . . . . . . . . . . . . . . . . . . . . .	*398.	—
Prager Eisen . . . . . . . . . . . . . . . . . . . . . . . . . . . . . .	1495.	1485.—
Öst.-r. Berg und Hütten . . . . . . . . . . . . . . . . . . . . . . . . . . . . . .	2575.	2576.—
Budweiser Email . . . . . . . . . . . . . . . . . . . . . . . . . . . . . .	940.	940.—
Kabel Bratislava . . . . . . . . . . . . . . . . . . . . . . . . . . . . . .	1255.	—
Hopfengärtner . . . . . . . . . . . . . . . . . . . . . . . . . . . . . .	—	—
Schreiberfeuer-en . . . . . . . . . . . . . . . . . . . . . . . . . . . . . .	—	—
Bergmann . . . . . . . . . . . . . . . . . . . . . . . . . . . . . .	—	—
Zentralkommission . . . . . . . . . . . . . . . . . . . . . . . . . . . . . .	—	—
S. hreiber . . . . . . . . . . . . . . . . . . . . . . . . . . . . . .	—	—
Biewaldt . . . . . . . . . . . . . . . . . . . . . . . . . . . . . .	—	—
Rendekopf . . . . . . . . . . . . . . . . . . . . . . . . . . . . . .	—	—
Oleschauer Papier . . . . . . . . . . . . . . . . . . . . . . . . . . . . . .	—	—
Prager Holzindustrie . . . . . . . . . . . . . . . . . . . . . . . . . . . . . .	—	—
Inwald . . . . . . . . . . . . . . . . . . . . . . . . . . . . . .	—	—
Kulissenwerte.
Škoda Termin . . . . . . . . . . . . . . . . . . . . . . . . . . . . . .	1317.	1320.—
dtto Kassa . . . . . . . . . . . . . . . . . . . . . . . . . . . . . .	1316.	1320.—
Poldi Termin . . . . . . . . . . . . . . . . . . . . . . . . . . . . . .	511.	512.—
dtto Kassa . . . . . . . . . . . . . . . . . . . . . . . . . . . . . .	511.	512.—
Živo Termin . . . . . . . . . . . . . . . . . . . . . . . . . . . . . .	435.50	437.—
dtto Kassa . . . . . . . . . . . . . . . . . . . . . . . . . . . . . .	435.50	436.50
Kfidk . . . . . . . . . . . . . . . . . . . . . . . . . . . . . .	—	867.—
Tendenz: mäßig abgeschwächt.
Geld- Briefe- + = Verkäufer
+ teilw. Abnahme.
Prag, 29. Jän. Tsch Pr.-B. (Sportkurse)
Tendenz: ruhig Renten freundlich
Geld Ware Geschl.
Anlagewerte.
4% Dux-Bodenbacher . . . . . . . . . . . . . . . . . . . . . . . . . . . . . .	70.00	—
5% Dux-Bodenbacher . . . . . . . . . . . . . . . . . . . . . . . . . . . . . .	83.25	—
Renten.
Casse-Kommunal d. österr. Goldz. . . . . . . . . . . . . . . . . . . . . . . . . . . . . . .	—	425/127
Cai se-Kommunal der ung. Goldz. . . . . . . . . . . . . . . . . . . . . . . . . . . . . . .	—	365/365⅛
Aktien. — Banken.
Legio-Bank . . . . . . . . . . . . . . . . . . . . . . . . . . . . . .	280.	—
Kommerzialbank . . . . . . . . . . . . . . . . . . . . . . . . . . . . . .	—	—
Mittelböhmische Bank . . . . . . . . . . . . . . . . . . . . . . . . . . . . . .	—	—
Tatrabank . . . . . . . . . . . . . . . . . . . . . . . . . . . . . .	Rechi 0.30	87.—
Ujo . . . . . . . . . . . . . . . . . . . . . . . . . . . . . .	—	—
Česká banka . . . . . . . . . . . . . . . . . . . . . . . . . . . . . .	—	—
Morava Bank . . . . . . . . . . . . . . . . . . . . . . . . . . . . . .	—	—
Fleischbank . . . . . . . . . . . . . . . . . . . . . . . . . . . . . .	—	—
Handelsbank . . . . . . . . . . . . . . . . . . . . . . . . . . . . . .	—	—
Ver. Lloyd . . . . . . . . . . . . . . . . . . . . . . . . . . . . . .	—	—
Zuckerfabriken.
Bulgaren . . . . . . . . . . . . . . . . . . . . . . . . . . . . . .	290.	320.—
Tschoprin . . . . . . . . . . . . . . . . . . . . . . . . . . . . . .	—	—
Chem. und Nahrungsmittel.
Öster. Solo . . . . . . . . . . . . . . . . . . . . . . . . . . . . . .	14.0	—
Teersg . . . . . . . . . . . . . . . . . . . . . . . . . . . . . .	185.	—
Weinkellerei . . . . . . . . . . . . . . . . . . . . . . . . . . . . . .	—	—
Szikra . . . . . . . . . . . . . . . . . . . . . . . . . . . . . .	—	—
Drava . . . . . . . . . . . . . . . . . . . . . . . . . . . . . .	—	137
Jungbunzlauer Spiritus . . . . . . . . . . . . . . . . . . . . . . . . . . . . . .	—	—
Kohlensäure . . . . . . . . . . . . . . . . . . . . . . . . . . . . . .	—	—
Zdinaer Zellulose . . . . . . . . . . . . . . . . . . . . . . . . . . . . . .	—	—
Badearia.
Ragusa-Bad . . . . . . . . . . . . . . . . . . . . . . . . . . . . . .	—	—
Luhačowitz . . . . . . . . . . . . . . . . . . . . . . . . . . . . . .	—	—
Podiebrader Bäder . . . . . . . . . . . . . . . . . . . . . . . . . . . . . .	—	—
Sanatorium Podol . . . . . . . . . . . . . . . . . . . . . . . . . . . . . .	—	—
Papierfabriken und Druckereien.
Bayer . . . . . . . . . . . . . . . . . . . . . . . . . . . . . .	—	—
Na. Podnik . . . . . . . . . . . . . . . . . . . . . . . . . . . . . .	—	—
Prager Aktien-Druckerei . . . . . . . . . . . . . . . . . . . . . . . . . . . . . .	—	—
Papirographia . . . . . . . . . . . . . . . . . . . . . . . . . . . . . .	—	—
Unie . . . . . . . . . . . . . . . . . . . . . . . . . . . . . .	—	—
Brasso . . . . . . . . . . . . . . . . . . . . . . . . . . . . . .	92.50	100.—
Brauereien.
Branker Brau . . . . . . . . . . . . . . . . . . . . . . . . . . . . . .	—	—
Jagodina . . . . . . . . . . . . . . . . . . . . . . . . . . . . . .	—	—
Erstes Prager Bürgerl. Brauh. . . . . . . . . . . . . . . . . . . . . . . . . . . . . . .	—	—
Smichower A.-G. . . . . . . . . . . . . . . . . . . . . . . . . . . . . . .	—	—
Smichower Bürgerl. . . . . . . . . . . . . . . . . . . . . . . . . . . . . . .	—	—
Weinberger (one Aktien) . . . . . . . . . . . . . . . . . . . . . . . . . . . . . .	—	—
Klosterbräu . . . . . . . . . . . . . . . . . . . . . . . . . . . . . .	—	—
I. Pilsner Bräuhaus . . . . . . . . . . . . . . . . . . . . . . . . . . . . . .	—	—
Maschinen und Metallfabriken.
Mähr. Stah . . . . . . . . . . . . . . . . . . . . . . . . . . . . . .	—	—
Stabenau . . . . . . . . . . . . . . . . . . . . . . . . . . . . . .	—	—
Telegraphia . . . . . . . . . . . . . . . . . . . . . . . . . . . . . .	—	—
Amerinna Haubg . . . . . . . . . . . . . . . . . . . . . . . . . . . . . .	—	—
1
